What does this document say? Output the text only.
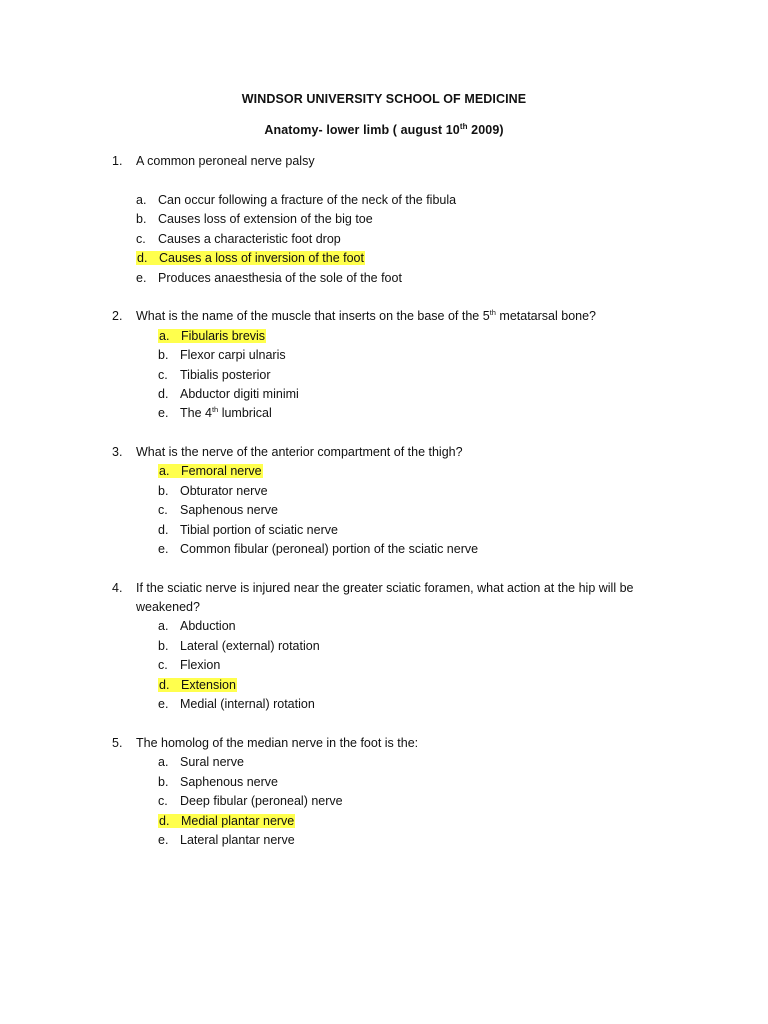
WINDSOR UNIVERSITY SCHOOL OF MEDICINE
Anatomy- lower limb ( august 10th 2009)
1.	A common peroneal nerve palsy
a. Can occur following a fracture of the neck of the fibula
b. Causes loss of extension of the big toe
c. Causes a characteristic foot drop
d. Causes a loss of inversion of the foot
e. Produces anaesthesia of the sole of the foot
2.	What is the name of the muscle that inserts on the base of the 5th metatarsal bone?
a. Fibularis brevis
b. Flexor carpi ulnaris
c. Tibialis posterior
d. Abductor digiti minimi
e. The 4th lumbrical
3.	What is the nerve of the anterior compartment of the thigh?
a. Femoral nerve
b. Obturator nerve
c. Saphenous nerve
d. Tibial portion of sciatic nerve
e. Common fibular (peroneal) portion of the sciatic nerve
4.	If the sciatic nerve is injured near the greater sciatic foramen, what action at the hip will be
weakened?
a. Abduction
b. Lateral (external) rotation
c. Flexion
d. Extension
e. Medial (internal) rotation
5.	The homolog of the median nerve in the foot is the:
a. Sural nerve
b. Saphenous nerve
c. Deep fibular (peroneal) nerve
d. Medial plantar nerve
e. Lateral plantar nerve
